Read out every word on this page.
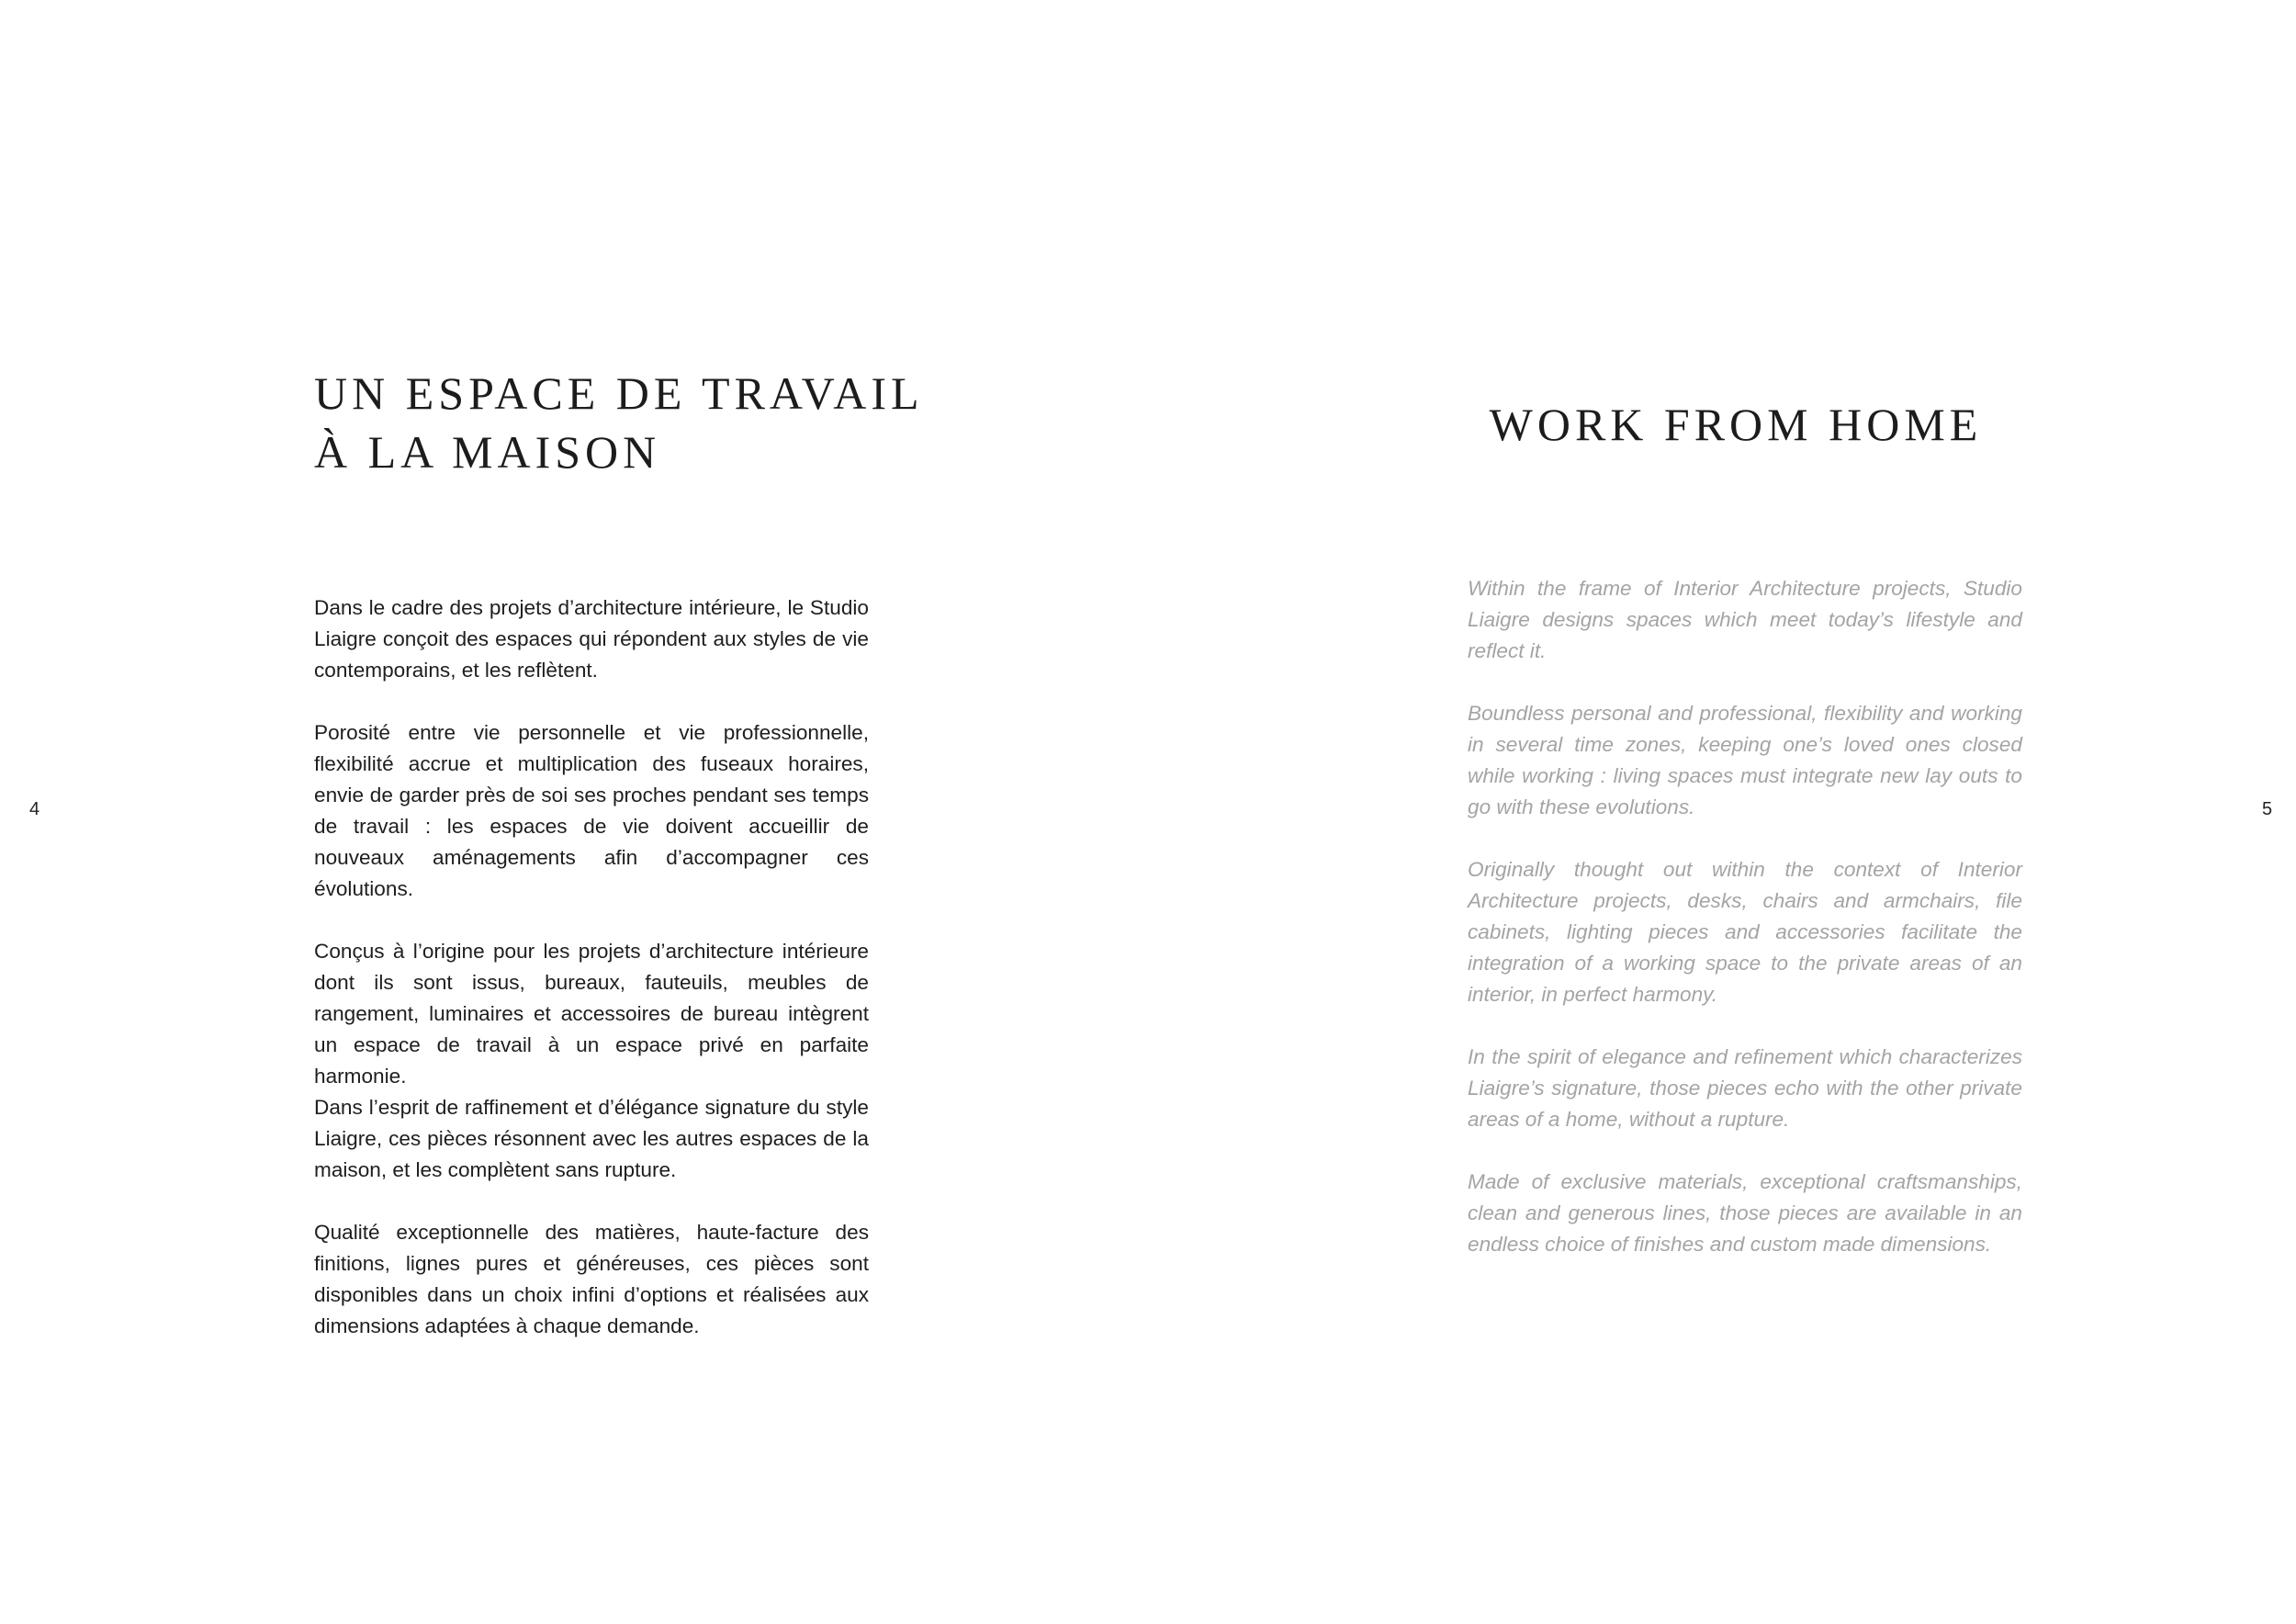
4	5
UN ESPACE DE TRAVAIL
À LA MAISON
WORK FROM HOME

Dans le cadre des projets d’architecture intérieure, le Studio Liaigre conçoit des espaces qui répondent aux styles de vie contemporains, et les reflètent.

Porosité entre vie personnelle et vie professionnelle, flexibilité accrue et multiplication des fuseaux horaires, envie de garder près de soi ses proches pendant ses temps de travail : les espaces de vie doivent accueillir de nouveaux aménagements afin d’accompagner ces évolutions.

Conçus à l’origine pour les projets d’architecture intérieure dont ils sont issus, bureaux, fauteuils, meubles de rangement, luminaires et accessoires de bureau intègrent un espace de travail à un espace privé en parfaite harmonie.

Dans l’esprit de raffinement et d’élégance signature du style Liaigre, ces pièces résonnent avec les autres espaces de la maison, et les complètent sans rupture.

Qualité exceptionnelle des matières, haute-facture des finitions, lignes pures et généreuses, ces pièces sont disponibles dans un choix infini d’options et réalisées aux dimensions adaptées à chaque demande.

Within the frame of Interior Architecture projects, Studio Liaigre designs spaces which meet today’s lifestyle and reflect it.

Boundless personal and professional, flexibility and working in several time zones, keeping one’s loved ones closed while working : living spaces must integrate new lay outs to go with these evolutions.

Originally thought out within the context of Interior Architecture projects, desks, chairs and armchairs, file cabinets, lighting pieces and accessories facilitate the integration of a working space to the private areas of an interior, in perfect harmony.

In the spirit of elegance and refinement which characterizes Liaigre’s signature, those pieces echo with the other private areas of a home, without a rupture.

Made of exclusive materials, exceptional craftsmanships, clean and generous lines, those pieces are available in an endless choice of finishes and custom made dimensions.
